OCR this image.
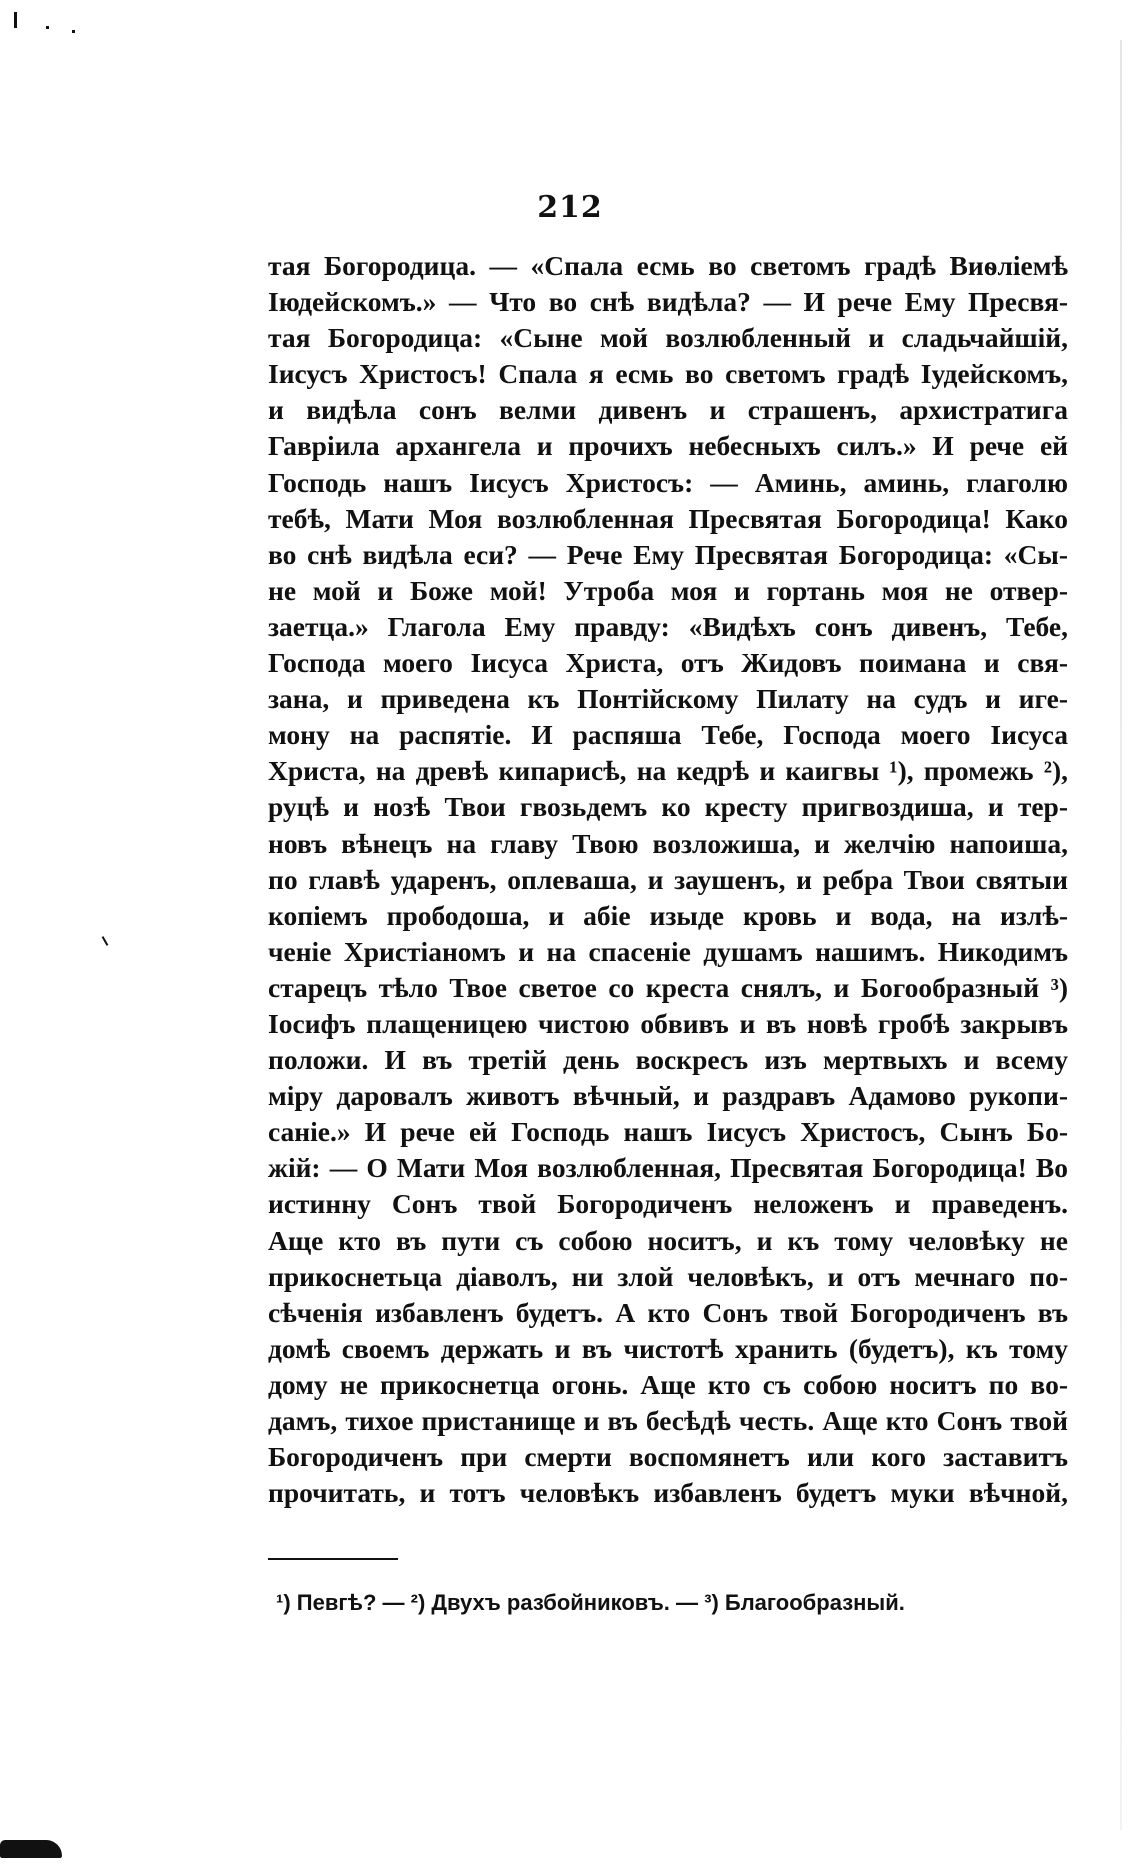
212
тая Богородица. — «Спала есмь во светомъ градѣ Виѳліемѣ
Іюдейскомъ.» — Что во снѣ видѣла? — И рече Ему Пресвя-
тая Богородица: «Сыне мой возлюбленный и сладьчайшій,
Іисусъ Христосъ! Спала я есмь во светомъ градѣ Іудейскомъ,
и видѣла сонъ велми дивенъ и страшенъ, архистратига
Гавріила архангела и прочихъ небесныхъ силъ.» И рече ей
Господь нашъ Іисусъ Христосъ: — Аминь, аминь, глаголю
тебѣ, Мати Моя возлюбленная Пресвятая Богородица! Како
во снѣ видѣла еси? — Рече Ему Пресвятая Богородица: «Сы-
не мой и Боже мой! Утроба моя и гортань моя не отвер-
заетца.» Глагола Ему правду: «Видѣхъ сонъ дивенъ, Тебе,
Господа моего Іисуса Христа, отъ Жидовъ поимана и свя-
зана, и приведена къ Понтійскому Пилату на судъ и иге-
мону на распятіе. И распяша Тебе, Господа моего Іисуса
Христа, на древѣ кипарисѣ, на кедрѣ и каигвы ¹), промежь ²),
руцѣ и нозѣ Твои гвозьдемъ ко кресту пригвоздиша, и тер-
новъ вѣнецъ на главу Твою возложиша, и желчію напоиша,
по главѣ ударенъ, оплеваша, и заушенъ, и ребра Твои святыи
копіемъ прободоша, и абіе изыде кровь и вода, на излѣ-
ченіе Христіаномъ и на спасеніе душамъ нашимъ. Никодимъ
старецъ тѣло Твое светое со креста снялъ, и Богообразный ³)
Іосифъ плащеницею чистою обвивъ и въ новѣ гробѣ закрывъ
положи. И въ третій день воскресъ изъ мертвыхъ и всему
міру даровалъ животъ вѣчный, и раздравъ Адамово рукопи-
саніе.» И рече ей Господь нашъ Іисусъ Христосъ, Сынъ Бо-
жій: — О Мати Моя возлюбленная, Пресвятая Богородица! Во
истинну Сонъ твой Богородиченъ неложенъ и праведенъ.
Аще кто въ пути съ собою носитъ, и къ тому человѣку не
прикоснетьца діаволъ, ни злой человѣкъ, и отъ мечнаго по-
сѣченія избавленъ будетъ. А кто Сонъ твой Богородиченъ въ
домѣ своемъ держать и въ чистотѣ хранить (будетъ), къ тому
дому не прикоснетца огонь. Аще кто съ собою носитъ по во-
дамъ, тихое пристанище и въ бесѣдѣ честь. Аще кто Сонъ твой
Богородиченъ при смерти воспомянетъ или кого заставитъ
прочитать, и тотъ человѣкъ избавленъ будетъ муки вѣчной,
¹) Певгѣ? — ²) Двухъ разбойниковъ. — ³) Благообразный.
